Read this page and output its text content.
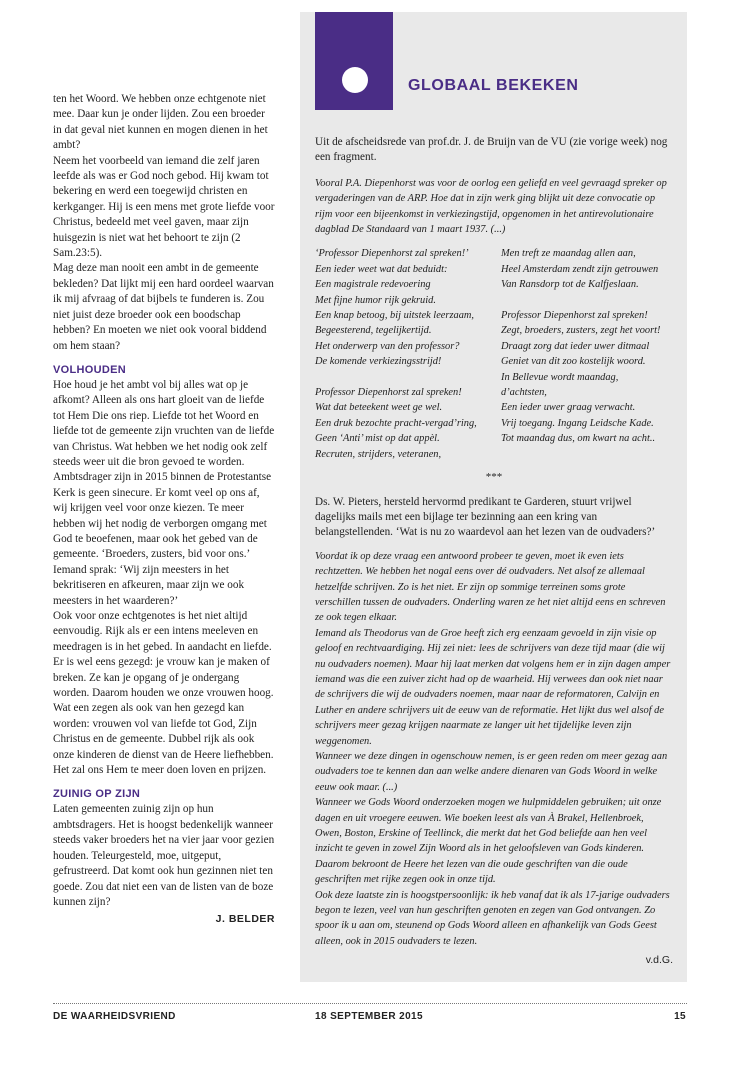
ten het Woord. We hebben onze echtgenote niet mee. Daar kun je onder lijden. Zou een broeder in dat geval niet kunnen en mogen dienen in het ambt?

Neem het voorbeeld van iemand die zelf jaren leefde als was er God noch gebod. Hij kwam tot bekering en werd een toegewijd christen en kerkganger. Hij is een mens met grote liefde voor Christus, bedeeld met veel gaven, maar zijn huisgezin is niet wat het behoort te zijn (2 Sam.23:5).

Mag deze man nooit een ambt in de gemeente bekleden? Dat lijkt mij een hard oordeel waarvan ik mij afvraag of dat bijbels te funderen is. Zou niet juist deze broeder ook een boodschap hebben? En moeten we niet ook vooral biddend om hem staan?

VOLHOUDEN

Hoe houd je het ambt vol bij alles wat op je afkomt? Alleen als ons hart gloeit van de liefde tot Hem Die ons riep. Liefde tot het Woord en liefde tot de gemeente zijn vruchten van de liefde van Christus. Wat hebben we het nodig ook zelf steeds weer uit die bron gevoed te worden.

Ambtsdrager zijn in 2015 binnen de Protestantse Kerk is geen sinecure. Er komt veel op ons af, wij krijgen veel voor onze kiezen. Te meer hebben wij het nodig de verborgen omgang met God te beoefenen, maar ook het gebed van de gemeente. ‘Broeders, zusters, bid voor ons.’ Iemand sprak: ‘Wij zijn meesters in het bekritiseren en afkeuren, maar zijn we ook meesters in het waarderen?’

Ook voor onze echtgenotes is het niet altijd eenvoudig. Rijk als er een intens meeleven en meedragen is in het gebed. In aandacht en liefde.

Er is wel eens gezegd: je vrouw kan je maken of breken. Ze kan je opgang of je ondergang worden. Daarom houden we onze vrouwen hoog. Wat een zegen als ook van hen gezegd kan worden: vrouwen vol van liefde tot God, Zijn Christus en de gemeente. Dubbel rijk als ook onze kinderen de dienst van de Heere liefhebben. Het zal ons Hem te meer doen loven en prijzen.

ZUINIG OP ZIJN

Laten gemeenten zuinig zijn op hun ambtsdragers. Het is hoogst bedenkelijk wanneer steeds vaker broeders het na vier jaar voor gezien houden. Teleurgesteld, moe, uitgeput, gefrustreerd. Dat komt ook hun gezinnen niet ten goede. Zou dat niet een van de listen van de boze kunnen zijn?

J. BELDER
GLOBAAL BEKEKEN

Uit de afscheidsrede van prof.dr. J. de Bruijn van de VU (zie vorige week) nog een fragment.

Vooral P.A. Diepenhorst was voor de oorlog een geliefd en veel gevraagd spreker op vergaderingen van de ARP. Hoe dat in zijn werk ging blijkt uit deze convocatie op rijm voor een bijeenkomst in verkiezingstijd, opgenomen in het antirevolutionaire dagblad De Standaard van 1 maart 1937. (...)

‘Professor Diepenhorst zal spreken!’
Een ieder weet wat dat beduidt:
Een magistrale redevoering
Met fijne humor rijk gekruid.
Een knap betoog, bij uitstek leerzaam,
Begeesterend, tegelijkertijd.
Het onderwerp van den professor?
De komende verkiezingsstrijd!
Professor Diepenhorst zal spreken!
Wat dat beteekent weet ge wel.
Een druk bezochte pracht-vergad’ring,
Geen ‘Anti’ mist op dat appèl.
Recruten, strijders, veteranen,
Men treft ze maandag allen aan,
Heel Amsterdam zendt zijn getrouwen
Van Ransdorp tot de Kalfjeslaan.
Professor Diepenhorst zal spreken!
Zegt, broeders, zusters, zegt het voort!
Draagt zorg dat ieder uwer ditmaal
Geniet van dit zoo kostelijk woord.
In Bellevue wordt maandag,
d’achtsten,
Een ieder uwer graag verwacht.
Vrij toegang. Ingang Leidsche Kade.
Tot maandag dus, om kwart na acht..
***

Ds. W. Pieters, hersteld hervormd predikant te Garderen, stuurt vrijwel dagelijks mails met een bijlage ter bezinning aan een kring van belangstellenden. ‘Wat is nu zo waardevol aan het lezen van de oudvaders?’

Voordat ik op deze vraag een antwoord probeer te geven, moet ik even iets rechtzetten. We hebben het nogal eens over dé oudvaders. Net alsof ze allemaal hetzelfde schrijven. Zo is het niet. Er zijn op sommige terreinen soms grote verschillen tussen de oudvaders. Onderling waren ze het niet altijd eens en schreven ze ook tegen elkaar.

Iemand als Theodorus van de Groe heeft zich erg eenzaam gevoeld in zijn visie op geloof en rechtvaardiging. Hij zei niet: lees de schrijvers van deze tijd maar (die wij nu oudvaders noemen). Maar hij laat merken dat volgens hem er in zijn dagen amper iemand was die een zuiver zicht had op de waarheid. Hij verwees dan ook niet naar de schrijvers die wij de oudvaders noemen, maar naar de reformatoren, Calvijn en Luther en andere schrijvers uit de eeuw van de reformatie. Het lijkt dus wel alsof de schrijvers meer gezag krijgen naarmate ze langer uit het tijdelijke leven zijn weggenomen.

Wanneer we deze dingen in ogenschouw nemen, is er geen reden om meer gezag aan oudvaders toe te kennen dan aan welke andere dienaren van Gods Woord in welke eeuw ook maar. (...)

Wanneer we Gods Woord onderzoeken mogen we hulpmiddelen gebruiken; uit onze dagen en uit vroegere eeuwen. Wie boeken leest als van À Brakel, Hellenbroek, Owen, Boston, Erskine of Teellinck, die merkt dat het God beliefde aan hen veel inzicht te geven in zowel Zijn Woord als in het geloofsleven van Gods kinderen. Daarom bekroont de Heere het lezen van die oude geschriften van die oude geschriften met rijke zegen ook in onze tijd.

Ook deze laatste zin is hoogstpersoonlijk: ik heb vanaf dat ik als 17-jarige oudvaders begon te lezen, veel van hun geschriften genoten en zegen van God ontvangen. Zo spoor ik u aan om, steunend op Gods Woord alleen en afhankelijk van Gods Geest alleen, ook in 2015 oudvaders te lezen.

v.d.G.
DE WAARHEIDSVRIEND	18 SEPTEMBER 2015	15
